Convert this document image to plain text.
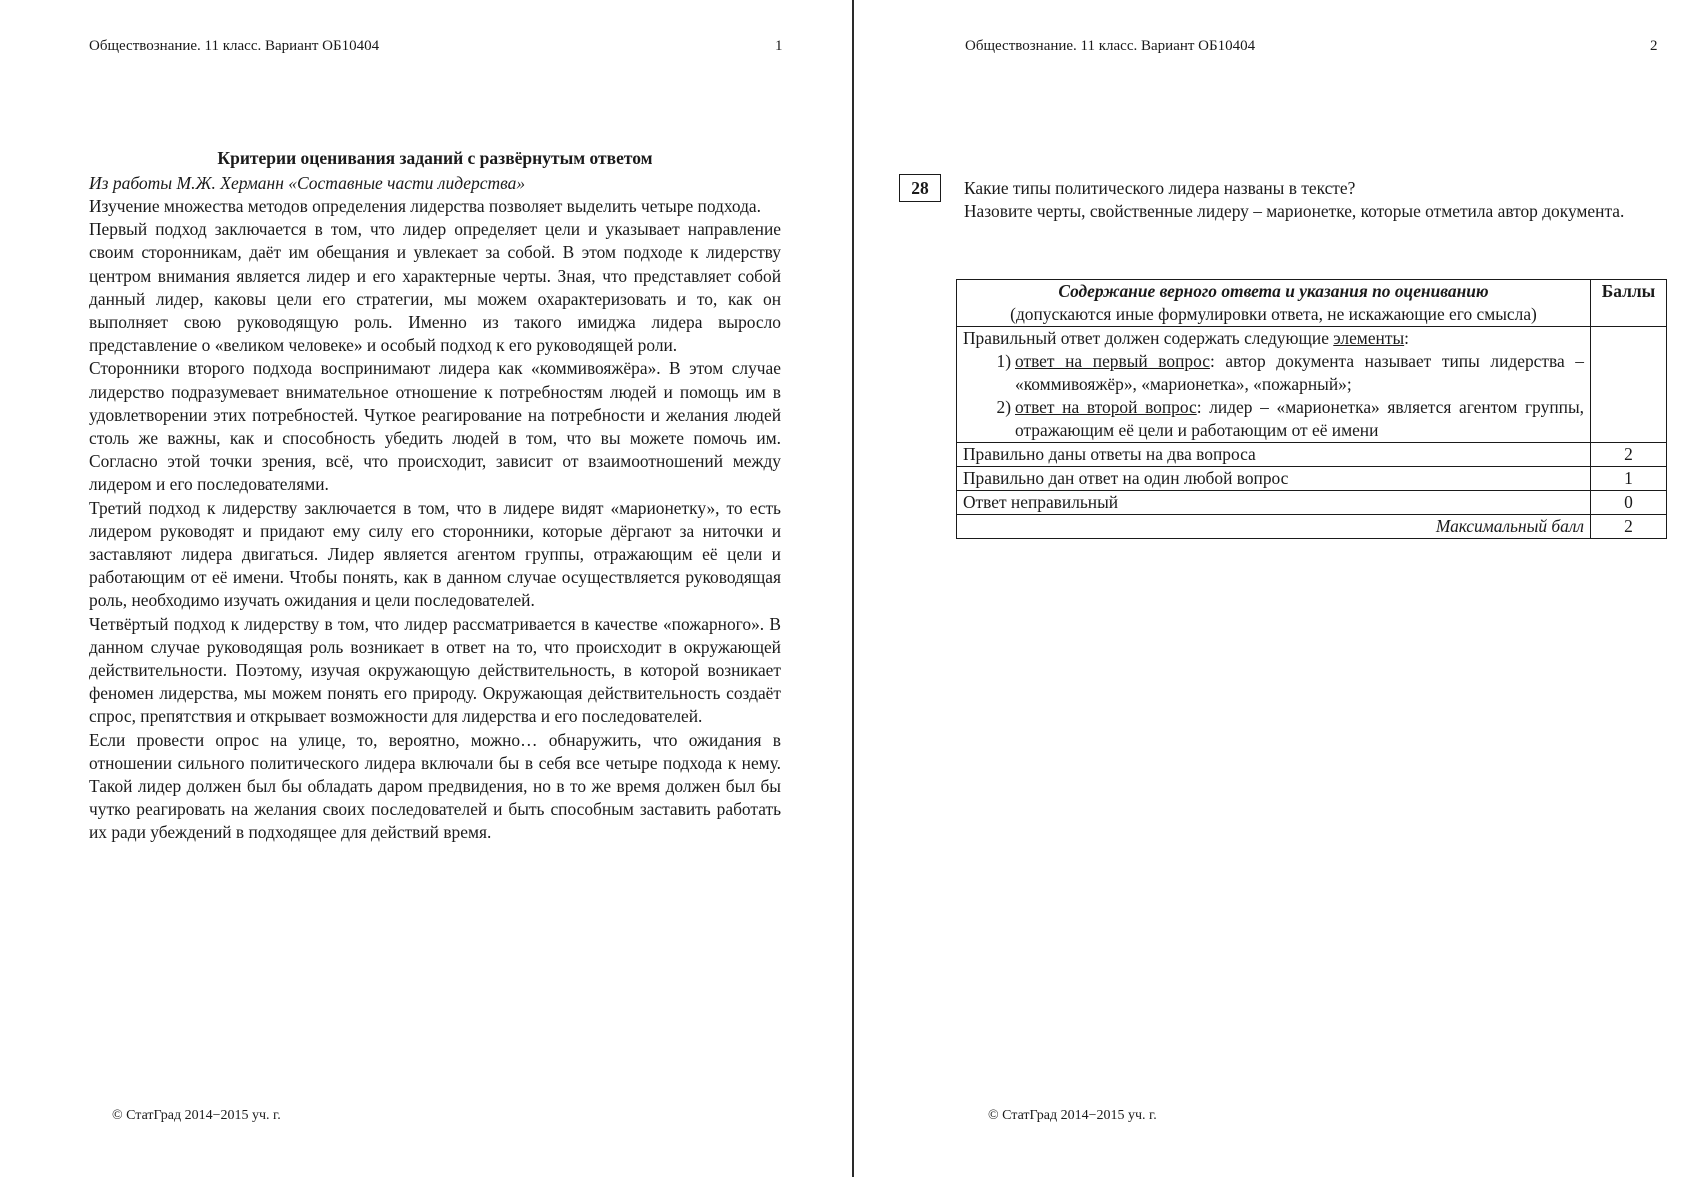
Обществознание. 11 класс. Вариант ОБ10404	1
Критерии оценивания заданий с развёрнутым ответом
Из работы М.Ж. Херманн «Составные части лидерства»

Изучение множества методов определения лидерства позволяет выделить четыре подхода.

Первый подход заключается в том, что лидер определяет цели и указывает направление своим сторонникам, даёт им обещания и увлекает за собой. В этом подходе к лидерству центром внимания является лидер и его характерные черты. Зная, что представляет собой данный лидер, каковы цели его стратегии, мы можем охарактеризовать и то, как он выполняет свою руководящую роль. Именно из такого имиджа лидера выросло представление о «великом человеке» и особый подход к его руководящей роли.

Сторонники второго подхода воспринимают лидера как «коммивояжёра». В этом случае лидерство подразумевает внимательное отношение к потребностям людей и помощь им в удовлетворении этих потребностей. Чуткое реагирование на потребности и желания людей столь же важны, как и способность убедить людей в том, что вы можете помочь им. Согласно этой точки зрения, всё, что происходит, зависит от взаимоотношений между лидером и его последователями.

Третий подход к лидерству заключается в том, что в лидере видят «марионетку», то есть лидером руководят и придают ему силу его сторонники, которые дёргают за ниточки и заставляют лидера двигаться. Лидер является агентом группы, отражающим её цели и работающим от её имени. Чтобы понять, как в данном случае осуществляется руководящая роль, необходимо изучать ожидания и цели последователей.

Четвёртый подход к лидерству в том, что лидер рассматривается в качестве «пожарного». В данном случае руководящая роль возникает в ответ на то, что происходит в окружающей действительности. Поэтому, изучая окружающую действительность, в которой возникает феномен лидерства, мы можем понять его природу. Окружающая действительность создаёт спрос, препятствия и открывает возможности для лидерства и его последователей.

Если провести опрос на улице, то, вероятно, можно… обнаружить, что ожидания в отношении сильного политического лидера включали бы в себя все четыре подхода к нему. Такой лидер должен был бы обладать даром предвидения, но в то же время должен был бы чутко реагировать на желания своих последователей и быть способным заставить работать их ради убеждений в подходящее для действий время.

© СтатГрад 2014−2015 уч. г.
Обществознание. 11 класс. Вариант ОБ10404	2
28	Какие типы политического лидера названы в тексте?

Назовите черты, свойственные лидеру – марионетке, которые отметила автор документа.

Содержание верного ответа и указания по оцениванию
(допускаются иные формулировки ответа, не искажающие его смысла)	Баллы

Правильный ответ должен содержать следующие элементы:
1) ответ на первый вопрос: автор документа называет типы лидерства – «коммивояжёр», «марионетка», «пожарный»;
2) ответ на второй вопрос: лидер – «марионетка» является агентом группы, отражающим её цели и работающим от её имени	

Правильно даны ответы на два вопроса	2
Правильно дан ответ на один любой вопрос	1
Ответ неправильный	0
Максимальный балл	2
© СтатГрад 2014−2015 уч. г.
